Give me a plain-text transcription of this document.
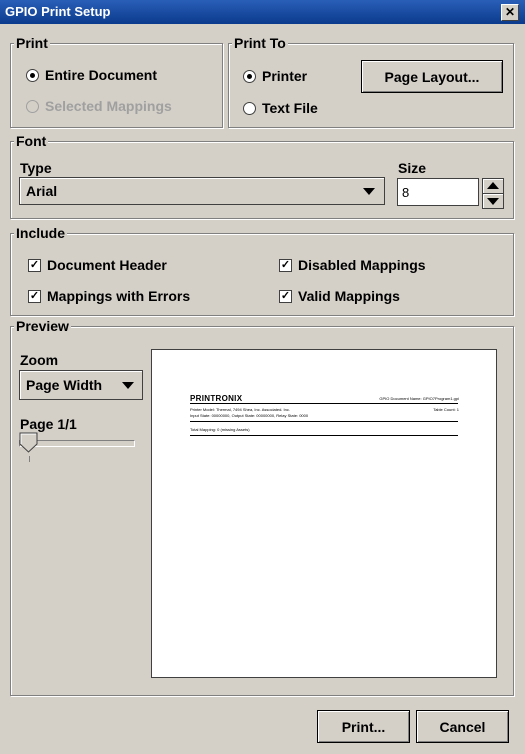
GPIO Print Setup	✕
Print
Entire Document
Selected Mappings
Print To
Printer
Text File
Page Layout...
Font
Type
Arial
Size
8
Include
✓ Document Header	✓ Disabled Mappings
✓ Mappings with Errors	✓ Valid Mappings
Preview
Zoom
Page Width
Page 1/1
PRINTRONIX	GPIO Document Name: GPIO7Program1.gpi
Printer Model: Thermal, 7494 Shea, Inc. Associated. Inc.	Table Count: 1
Input State: 00000000, Output State: 00000000, Relay State: 0000
Total Mapping: 0 (missing Assets)
Print...	Cancel
